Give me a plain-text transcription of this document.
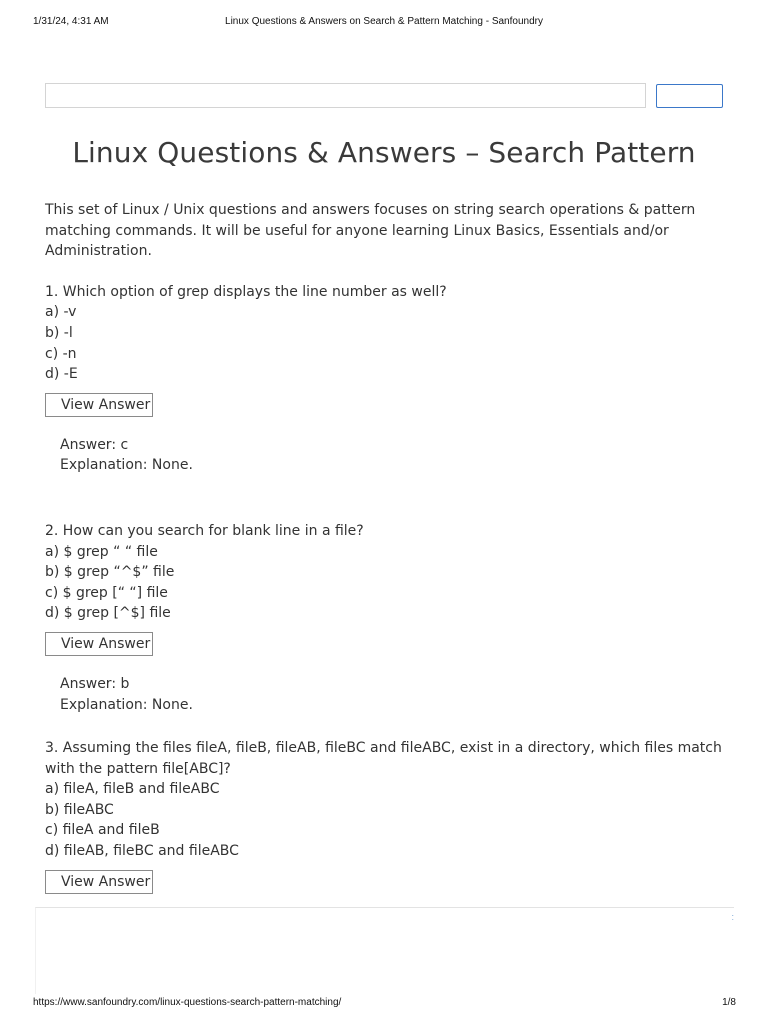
1/31/24, 4:31 AM	Linux Questions & Answers on Search & Pattern Matching - Sanfoundry
Linux Questions & Answers – Search Pattern

This set of Linux / Unix questions and answers focuses on string search operations & pattern matching commands. It will be useful for anyone learning Linux Basics, Essentials and/or Administration.

1. Which option of grep displays the line number as well?

a) -v
b) -l
c) -n
d) -E
View Answer
Answer: c
Explanation: None.

2. How can you search for blank line in a file?

a) $ grep “ “ file
b) $ grep “^$” file
c) $ grep [“ “] file
d) $ grep [^$] file
View Answer
Answer: b
Explanation: None.

3. Assuming the files fileA, fileB, fileAB, fileBC and fileABC, exist in a directory, which files match with the pattern file[ABC]?

a) fileA, fileB and fileABC
b) fileABC
c) fileA and fileB
d) fileAB, fileBC and fileABC
View Answer
:
https://www.sanfoundry.com/linux-questions-search-pattern-matching/	1/8
